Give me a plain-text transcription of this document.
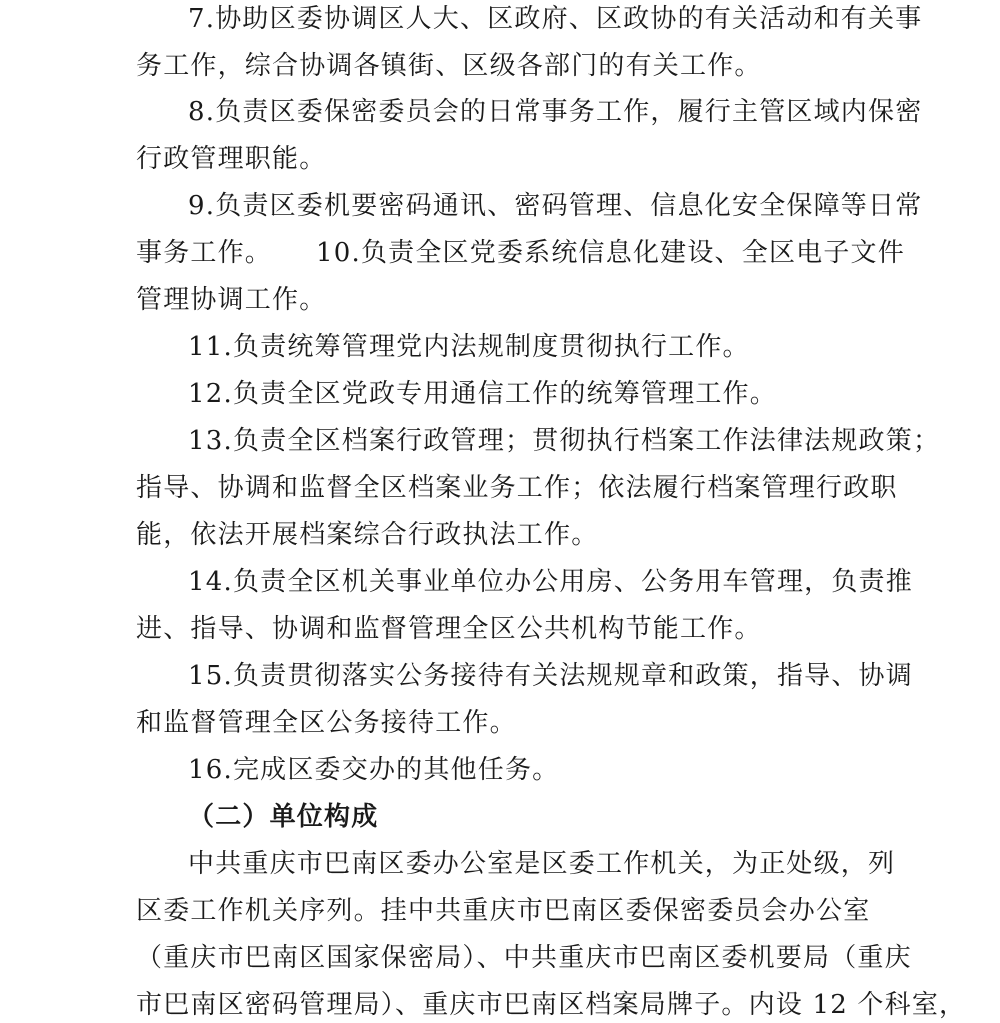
7.协助区委协调区人大、区政府、区政协的有关活动和有关事
务工作，综合协调各镇街、区级各部门的有关工作。
8.负责区委保密委员会的日常事务工作，履行主管区域内保密
行政管理职能。
9.负责区委机要密码通讯、密码管理、信息化安全保障等日常
事务工作。 10.负责全区党委系统信息化建设、全区电子文件
管理协调工作。
11.负责统筹管理党内法规制度贯彻执行工作。
12.负责全区党政专用通信工作的统筹管理工作。
13.负责全区档案行政管理；贯彻执行档案工作法律法规政策；
指导、协调和监督全区档案业务工作；依法履行档案管理行政职
能，依法开展档案综合行政执法工作。
14.负责全区机关事业单位办公用房、公务用车管理，负责推
进、指导、协调和监督管理全区公共机构节能工作。
15.负责贯彻落实公务接待有关法规规章和政策，指导、协调
和监督管理全区公务接待工作。
16.完成区委交办的其他任务。
（二）单位构成
中共重庆市巴南区委办公室是区委工作机关，为正处级，列
区委工作机关序列。挂中共重庆市巴南区委保密委员会办公室
（重庆市巴南区国家保密局）、中共重庆市巴南区委机要局（重庆
市巴南区密码管理局）、重庆市巴南区档案局牌子。内设 12 个科室，
